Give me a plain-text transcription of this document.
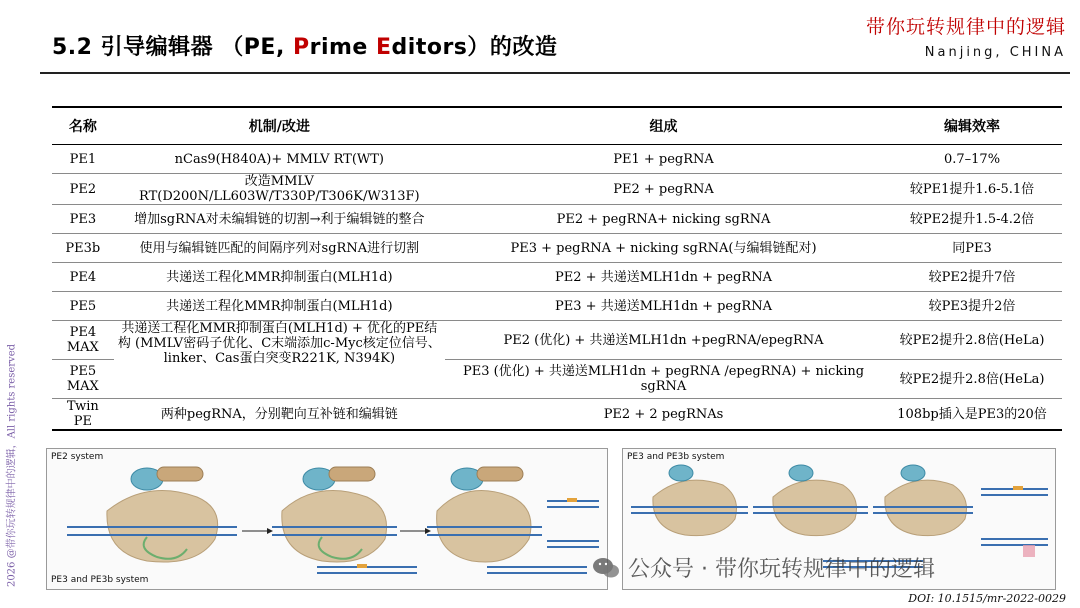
5.2 引导编辑器 （PE, Prime Editors）的改造
带你玩转规律中的逻辑
Nanjing, CHINA
2026 @带你玩转规律中的逻辑，All rights reserved
名称	机制/改进	组成	编辑效率
PE1	nCas9(H840A)+ MMLV RT(WT)	PE1 + pegRNA	0.7–17%
PE2	改造MMLV RT(D200N/LL603W/T330P/T306K/W313F)	PE2 + pegRNA	较PE1提升1.6-5.1倍
PE3	增加sgRNA对未编辑链的切割→利于编辑链的整合	PE2 + pegRNA+ nicking sgRNA	较PE2提升1.5-4.2倍
PE3b	使用与编辑链匹配的间隔序列对sgRNA进行切割	PE3 + pegRNA + nicking sgRNA(与编辑链配对)	同PE3
PE4	共递送工程化MMR抑制蛋白(MLH1d)	PE2 + 共递送MLH1dn + pegRNA	较PE2提升7倍
PE5	共递送工程化MMR抑制蛋白(MLH1d)	PE3 + 共递送MLH1dn + pegRNA	较PE3提升2倍
PE4 MAX	共递送工程化MMR抑制蛋白(MLH1d) + 优化的PE结构 (MMLV密码子优化、C末端添加c-Myc核定位信号、linker、Cas蛋白突变R221K, N394K)	PE2 (优化) + 共递送MLH1dn +pegRNA/epegRNA	较PE2提升2.8倍(HeLa)
PE5 MAX		PE3 (优化) + 共递送MLH1dn + pegRNA /epegRNA) + nicking sgRNA	较PE2提升2.8倍(HeLa)
Twin PE	两种pegRNA，分别靶向互补链和编辑链	PE2 + 2 pegRNAs	108bp插入是PE3的20倍
PE2 system
PE3 and PE3b system
PE3 and PE3b system
公众号 · 带你玩转规律中的逻辑
DOI: 10.1515/mr-2022-0029
